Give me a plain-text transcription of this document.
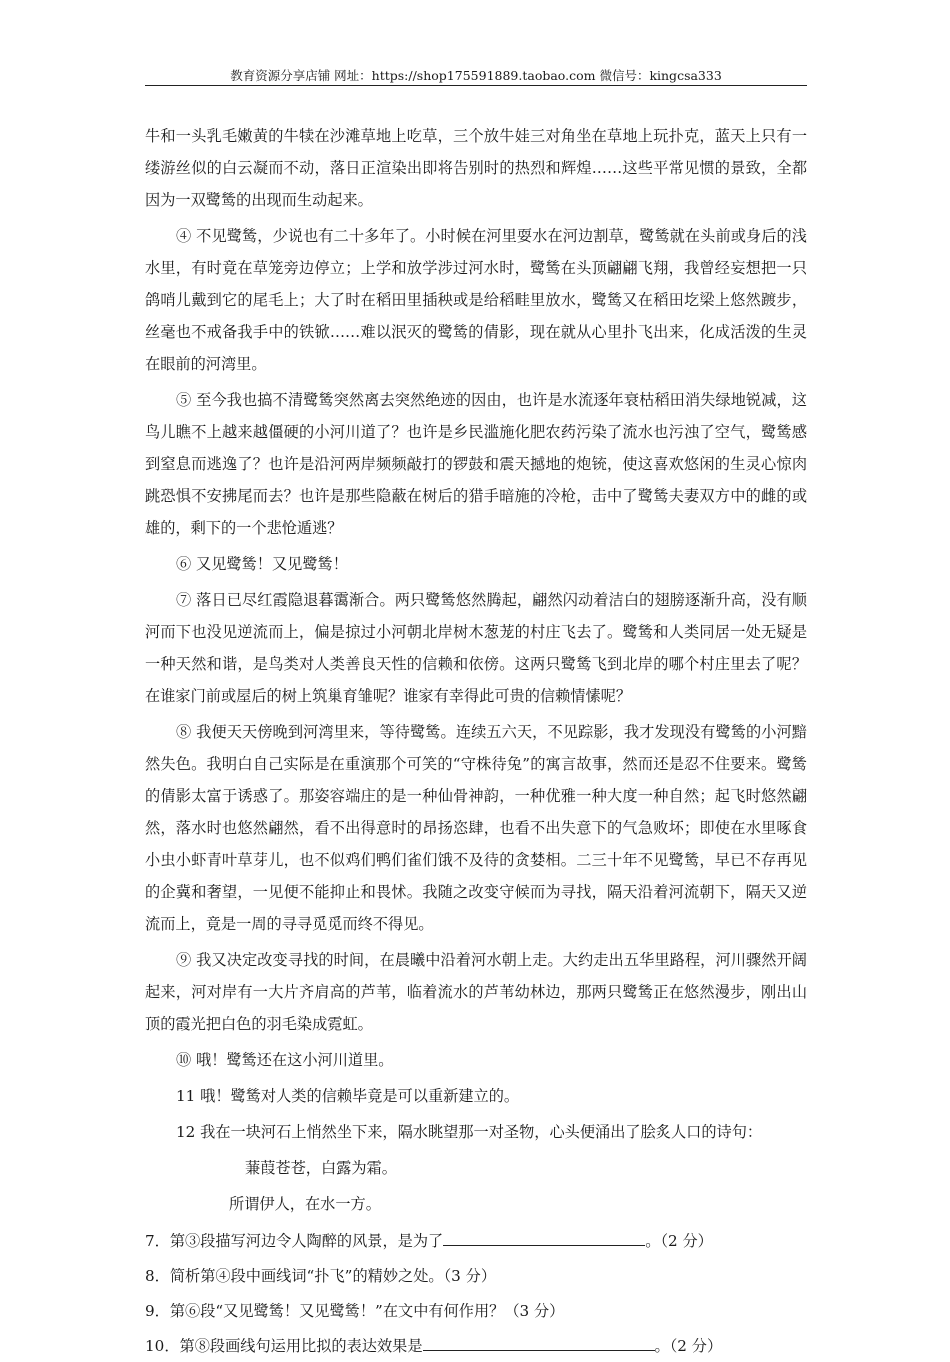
教育资源分享店铺 网址：https://shop175591889.taobao.com 微信号：kingcsa333

牛和一头乳毛嫩黄的牛犊在沙滩草地上吃草，三个放牛娃三对角坐在草地上玩扑克，蓝天上只有一缕游丝似的白云凝而不动，落日正渲染出即将告别时的热烈和辉煌……这些平常见惯的景致，全都因为一双鹭鸶的出现而生动起来。

④ 不见鹭鸶，少说也有二十多年了。小时候在河里耍水在河边割草，鹭鸶就在头前或身后的浅水里，有时竟在草笼旁边停立；上学和放学涉过河水时，鹭鸶在头顶翩翩飞翔，我曾经妄想把一只鸽哨儿戴到它的尾毛上；大了时在稻田里插秧或是给稻畦里放水，鹭鸶又在稻田圪梁上悠然踱步，丝毫也不戒备我手中的铁锨……难以泯灭的鹭鸶的倩影，现在就从心里扑飞出来，化成活泼的生灵在眼前的河湾里。

⑤ 至今我也搞不清鹭鸶突然离去突然绝迹的因由，也许是水流逐年衰枯稻田消失绿地锐减，这鸟儿瞧不上越来越僵硬的小河川道了？也许是乡民滥施化肥农药污染了流水也污浊了空气，鹭鸶感到窒息而逃逸了？也许是沿河两岸频频敲打的锣鼓和震天撼地的炮铳，使这喜欢悠闲的生灵心惊肉跳恐惧不安拂尾而去？也许是那些隐蔽在树后的猎手暗施的冷枪，击中了鹭鸶夫妻双方中的雌的或雄的，剩下的一个悲怆遁逃？

⑥ 又见鹭鸶！又见鹭鸶！

⑦ 落日已尽红霞隐退暮霭渐合。两只鹭鸶悠然腾起，翩然闪动着洁白的翅膀逐渐升高，没有顺河而下也没见逆流而上，偏是掠过小河朝北岸树木葱茏的村庄飞去了。鹭鸶和人类同居一处无疑是一种天然和谐，是鸟类对人类善良天性的信赖和依傍。这两只鹭鸶飞到北岸的哪个村庄里去了呢？在谁家门前或屋后的树上筑巢育雏呢？谁家有幸得此可贵的信赖情愫呢？

⑧ 我便天天傍晚到河湾里来，等待鹭鸶。连续五六天，不见踪影，我才发现没有鹭鸶的小河黯然失色。我明白自己实际是在重演那个可笑的“守株待兔”的寓言故事，然而还是忍不住要来。鹭鸶的倩影太富于诱惑了。那姿容端庄的是一种仙骨神韵，一种优雅一种大度一种自然；起飞时悠然翩然，落水时也悠然翩然，看不出得意时的昂扬恣肆，也看不出失意下的气急败坏；即使在水里啄食小虫小虾青叶草芽儿，也不似鸡们鸭们雀们饿不及待的贪婪相。二三十年不见鹭鸶，早已不存再见的企冀和奢望，一见便不能抑止和畏怵。我随之改变守候而为寻找，隔天沿着河流朝下，隔天又逆流而上，竟是一周的寻寻觅觅而终不得见。

⑨ 我又决定改变寻找的时间，在晨曦中沿着河水朝上走。大约走出五华里路程，河川骤然开阔起来，河对岸有一大片齐肩高的芦苇，临着流水的芦苇幼林边，那两只鹭鸶正在悠然漫步，刚出山顶的霞光把白色的羽毛染成霓虹。

⑩ 哦！鹭鸶还在这小河川道里。

11 哦！鹭鸶对人类的信赖毕竟是可以重新建立的。

12 我在一块河石上悄然坐下来，隔水眺望那一对圣物，心头便涌出了脍炙人口的诗句：

蒹葭苍苍，白露为霜。
所谓伊人，在水一方。

7．第③段描写河边令人陶醉的风景，是为了	。（2 分）

8．简析第④段中画线词“扑飞”的精妙之处。（3 分）

9．第⑥段“又见鹭鸶！又见鹭鸶！”在文中有何作用？（3 分）

10．第⑧段画线句运用比拟的表达效果是	。（2 分）
